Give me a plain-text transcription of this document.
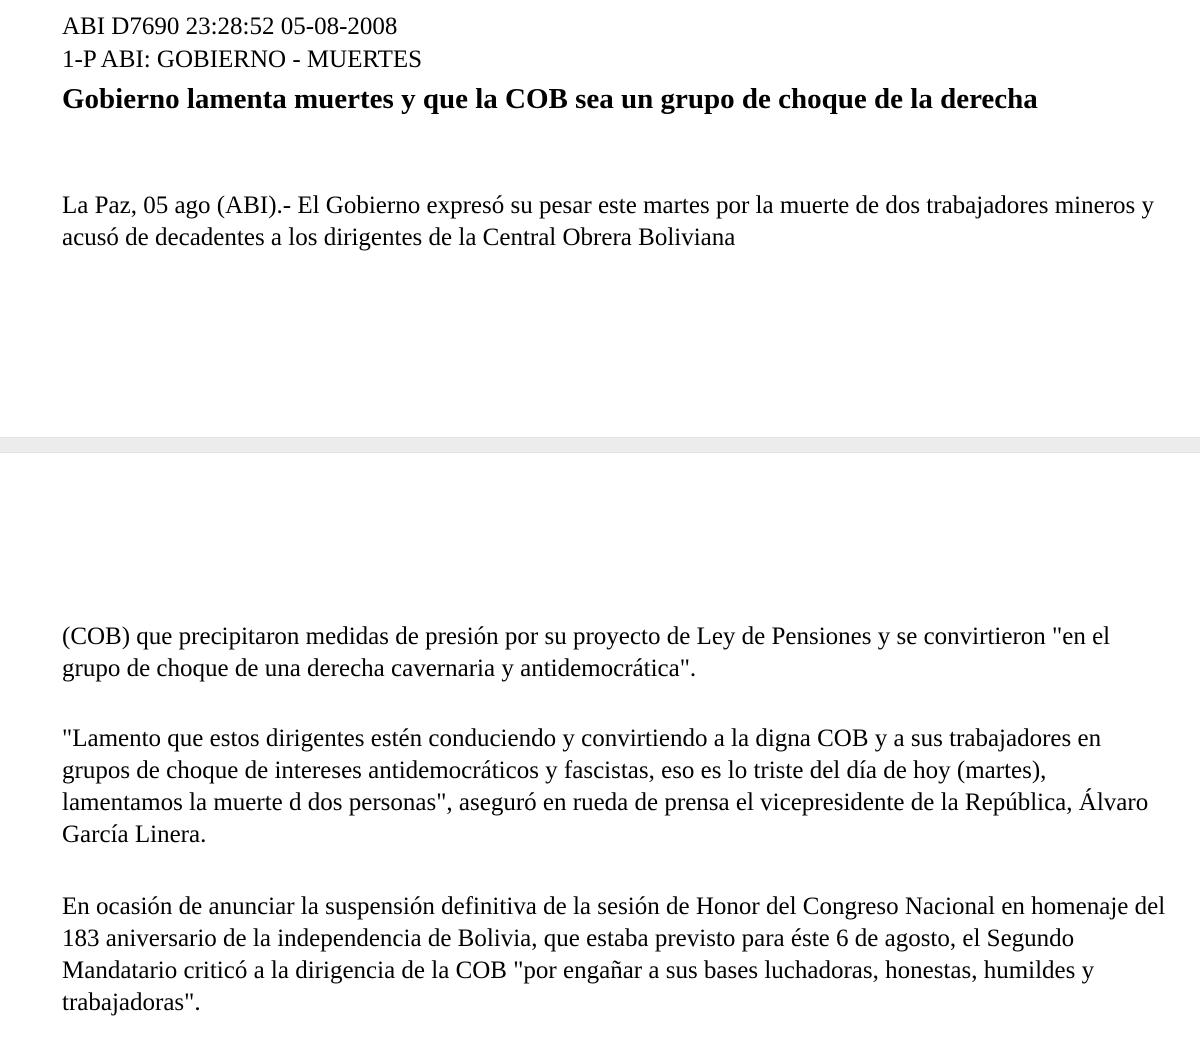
ABI D7690 23:28:52 05-08-2008
1-P ABI: GOBIERNO - MUERTES
Gobierno lamenta muertes y que la COB sea un grupo de choque de la derecha

La Paz, 05 ago (ABI).- El Gobierno expresó su pesar este martes por la muerte de dos trabajadores mineros y acusó de decadentes a los dirigentes de la Central Obrera Boliviana

(COB) que precipitaron medidas de presión por su proyecto de Ley de Pensiones y se convirtieron "en el grupo de choque de una derecha cavernaria y antidemocrática".

"Lamento que estos dirigentes estén conduciendo y convirtiendo a la digna COB y a sus trabajadores en grupos de choque de intereses antidemocráticos y fascistas, eso es lo triste del día de hoy (martes), lamentamos la muerte d dos personas", aseguró en rueda de prensa el vicepresidente de la República, Álvaro García Linera.

En ocasión de anunciar la suspensión definitiva de la sesión de Honor del Congreso Nacional en homenaje del 183 aniversario de la independencia de Bolivia, que estaba previsto para éste 6 de agosto, el Segundo Mandatario criticó a la dirigencia de la COB "por engañar a sus bases luchadoras, honestas, humildes y trabajadoras".
